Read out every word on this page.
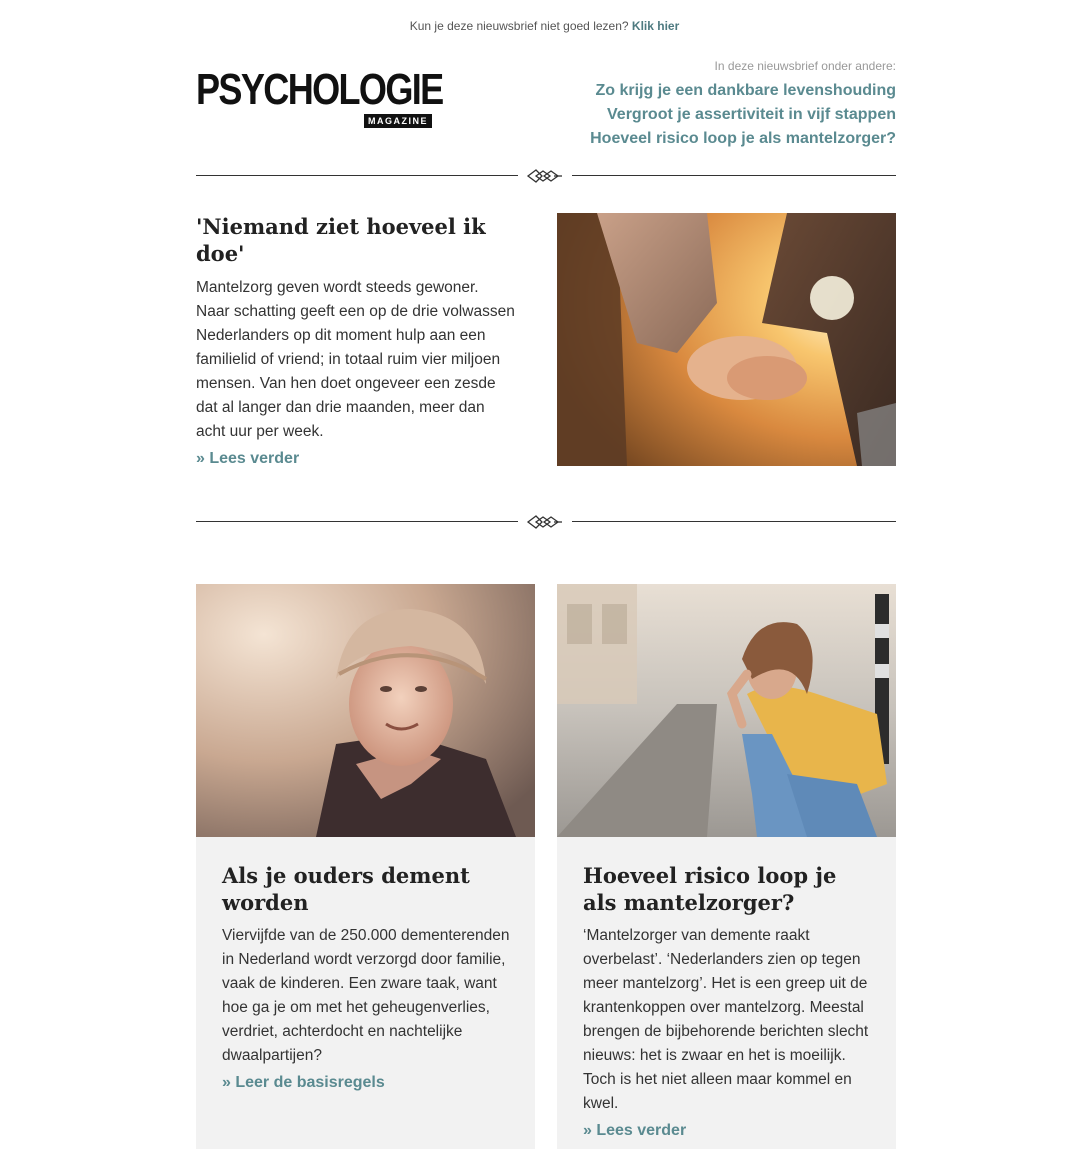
Kun je deze nieuwsbrief niet goed lezen? Klik hier
PSYCHOLOGIE
MAGAZINE
In deze nieuwsbrief onder andere:
Zo krijg je een dankbare levenshouding
Vergroot je assertiviteit in vijf stappen
Hoeveel risico loop je als mantelzorger?
'Niemand ziet hoeveel ik doe'

Mantelzorg geven wordt steeds gewoner. Naar schatting geeft een op de drie volwassen Nederlanders op dit moment hulp aan een familielid of vriend; in totaal ruim vier miljoen mensen. Van hen doet ongeveer een zesde dat al langer dan drie maanden, meer dan acht uur per week.

» Lees verder
Als je ouders dement worden

Viervijfde van de 250.000 dementerenden in Nederland wordt verzorgd door familie, vaak de kinderen. Een zware taak, want hoe ga je om met het geheugenverlies, verdriet, achterdocht en nachtelijke dwaalpartijen?

» Leer de basisregels
Hoeveel risico loop je als mantelzorger?

‘Mantelzorger van demente raakt overbelast’. ‘Nederlanders zien op tegen meer mantelzorg’. Het is een greep uit de krantenkoppen over mantelzorg. Meestal brengen de bijbehorende berichten slecht nieuws: het is zwaar en het is moeilijk. Toch is het niet alleen maar kommel en kwel.

» Lees verder
